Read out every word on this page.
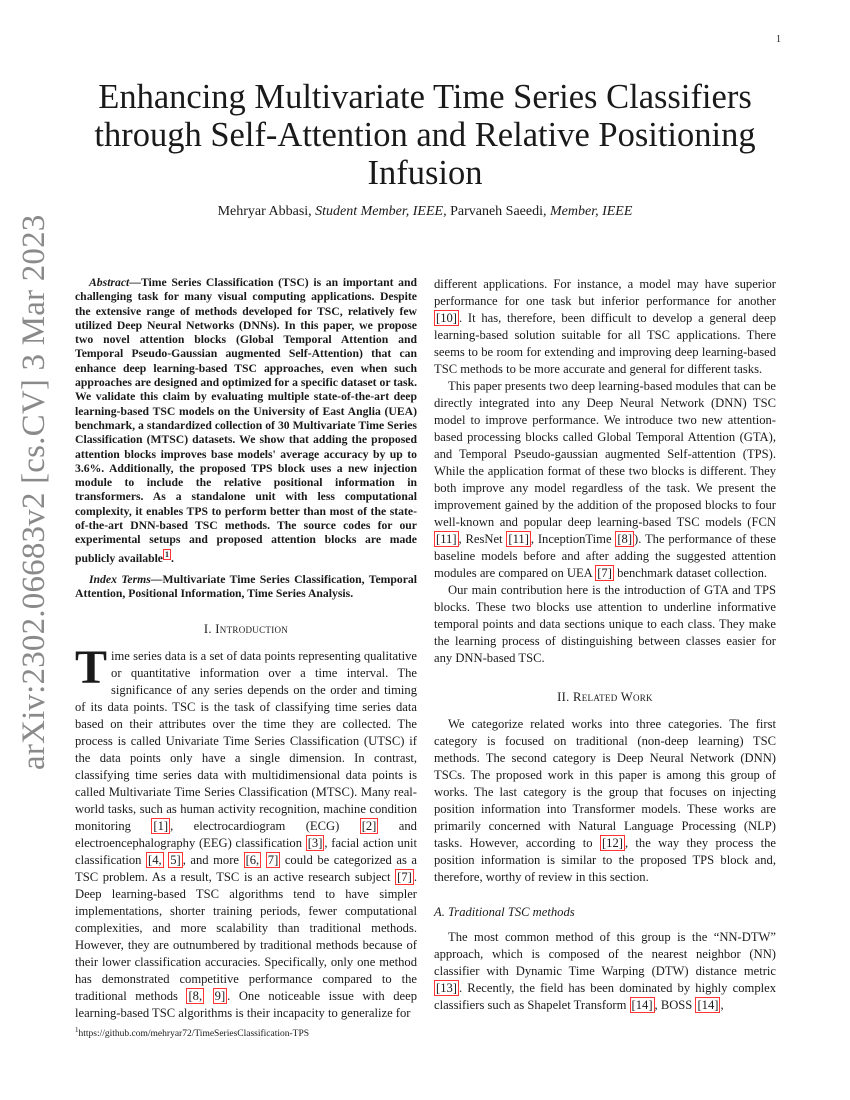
1
arXiv:2302.06683v2 [cs.CV] 3 Mar 2023
Enhancing Multivariate Time Series Classifiers through Self-Attention and Relative Positioning Infusion
Mehryar Abbasi, Student Member, IEEE, Parvaneh Saeedi, Member, IEEE

Abstract—Time Series Classification (TSC) is an important and challenging task for many visual computing applications. Despite the extensive range of methods developed for TSC, relatively few utilized Deep Neural Networks (DNNs). In this paper, we propose two novel attention blocks (Global Temporal Attention and Temporal Pseudo-Gaussian augmented Self-Attention) that can enhance deep learning-based TSC approaches, even when such approaches are designed and optimized for a specific dataset or task. We validate this claim by evaluating multiple state-of-the-art deep learning-based TSC models on the University of East Anglia (UEA) benchmark, a standardized collection of 30 Multivariate Time Series Classification (MTSC) datasets. We show that adding the proposed attention blocks improves base models' average accuracy by up to 3.6%. Additionally, the proposed TPS block uses a new injection module to include the relative positional information in transformers. As a standalone unit with less computational complexity, it enables TPS to perform better than most of the state-of-the-art DNN-based TSC methods. The source codes for our experimental setups and proposed attention blocks are made publicly available $^1$ .

Index Terms—Multivariate Time Series Classification, Temporal Attention, Positional Information, Time Series Analysis.

I. Introduction

Time series data is a set of data points representing qualitative or quantitative information over a time interval. The significance of any series depends on the order and timing of its data points. TSC is the task of classifying time series data based on their attributes over the time they are collected. The process is called Univariate Time Series Classification (UTSC) if the data points only have a single dimension. In contrast, classifying time series data with multidimensional data points is called Multivariate Time Series Classification (MTSC). Many real-world tasks, such as human activity recognition, machine condition monitoring [1] , electrocardiogram (ECG) [2] and electroencephalography (EEG) classification [3] , facial action unit classification [4, 5] , and more [6, 7] could be categorized as a TSC problem. As a result, TSC is an active research subject [7] . Deep learning-based TSC algorithms tend to have simpler implementations, shorter training periods, fewer computational complexities, and more scalability than traditional methods. However, they are outnumbered by traditional methods because of their lower classification accuracies. Specifically, only one method has demonstrated competitive performance compared to the traditional methods [8, 9] . One noticeable issue with deep learning-based TSC algorithms is their incapacity to generalize for

$^1$https://github.com/mehryar72/TimeSeriesClassification-TPS

different applications. For instance, a model may have superior performance for one task but inferior performance for another [10] . It has, therefore, been difficult to develop a general deep learning-based solution suitable for all TSC applications. There seems to be room for extending and improving deep learning-based TSC methods to be more accurate and general for different tasks.

This paper presents two deep learning-based modules that can be directly integrated into any Deep Neural Network (DNN) TSC model to improve performance. We introduce two new attention-based processing blocks called Global Temporal Attention (GTA), and Temporal Pseudo-gaussian augmented Self-attention (TPS). While the application format of these two blocks is different. They both improve any model regardless of the task. We present the improvement gained by the addition of the proposed blocks to four well-known and popular deep learning-based TSC models (FCN [11] , ResNet [11] , InceptionTime [8] ). The performance of these baseline models before and after adding the suggested attention modules are compared on UEA [7] benchmark dataset collection.

Our main contribution here is the introduction of GTA and TPS blocks. These two blocks use attention to underline informative temporal points and data sections unique to each class. They make the learning process of distinguishing between classes easier for any DNN-based TSC.

II. Related Work

We categorize related works into three categories. The first category is focused on traditional (non-deep learning) TSC methods. The second category is Deep Neural Network (DNN) TSCs. The proposed work in this paper is among this group of works. The last category is the group that focuses on injecting position information into Transformer models. These works are primarily concerned with Natural Language Processing (NLP) tasks. However, according to [12] , the way they process the position information is similar to the proposed TPS block and, therefore, worthy of review in this section.

A. Traditional TSC methods

The most common method of this group is the “NN-DTW” approach, which is composed of the nearest neighbor (NN) classifier with Dynamic Time Warping (DTW) distance metric [13] . Recently, the field has been dominated by highly complex classifiers such as Shapelet Transform [14] , BOSS [14] ,
